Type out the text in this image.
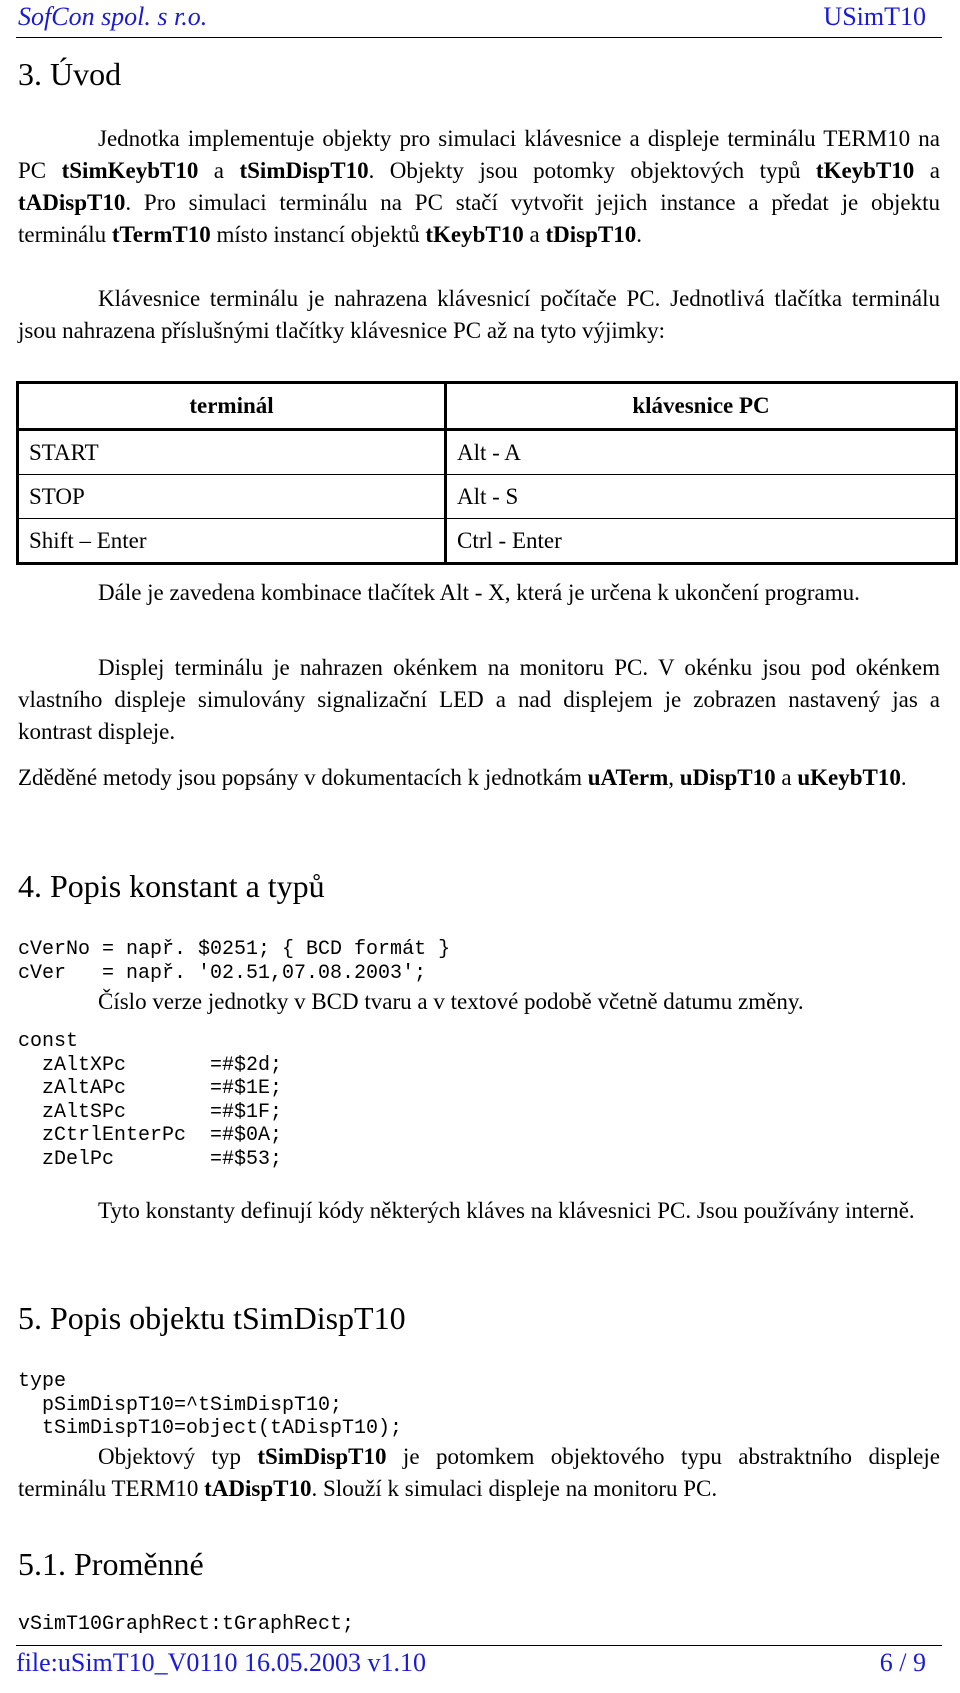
SofCon spol. s r.o.	USimT10
3. Úvod
Jednotka implementuje objekty pro simulaci klávesnice a displeje terminálu TERM10 na PC tSimKeybT10 a tSimDispT10. Objekty jsou potomky objektových typů tKeybT10 a tADispT10. Pro simulaci terminálu na PC stačí vytvořit jejich instance a předat je objektu terminálu tTermT10 místo instancí objektů tKeybT10 a tDispT10.
Klávesnice terminálu je nahrazena klávesnicí počítače PC. Jednotlivá tlačítka terminálu jsou nahrazena příslušnými tlačítky klávesnice PC až na tyto výjimky:
terminál	klávesnice PC
START	Alt - A
STOP	Alt - S
Shift – Enter	Ctrl - Enter
Dále je zavedena kombinace tlačítek Alt - X, která je určena k ukončení programu.
Displej terminálu je nahrazen okénkem na monitoru PC. V okénku jsou pod okénkem vlastního displeje simulovány signalizační LED a nad displejem je zobrazen nastavený jas a kontrast displeje.
Zděděné metody jsou popsány v dokumentacích k jednotkám uATerm, uDispT10 a uKeybT10.
4. Popis konstant a typů
cVerNo = např. $0251; { BCD formát }
cVer   = např. '02.51,07.08.2003';
Číslo verze jednotky v BCD tvaru a v textové podobě včetně datumu změny.
const
zAltXPc       =#$2d;
zAltAPc       =#$1E;
zAltSPc       =#$1F;
zCtrlEnterPc  =#$0A;
zDelPc        =#$53;
Tyto konstanty definují kódy některých kláves na klávesnici PC. Jsou používány interně.
5. Popis objektu tSimDispT10
type
pSimDispT10=^tSimDispT10;
tSimDispT10=object(tADispT10);
Objektový typ tSimDispT10 je potomkem objektového typu abstraktního displeje terminálu TERM10 tADispT10. Slouží k simulaci displeje na monitoru PC.
5.1. Proměnné
vSimT10GraphRect:tGraphRect;
file:uSimT10_V0110 16.05.2003 v1.10	6 / 9
